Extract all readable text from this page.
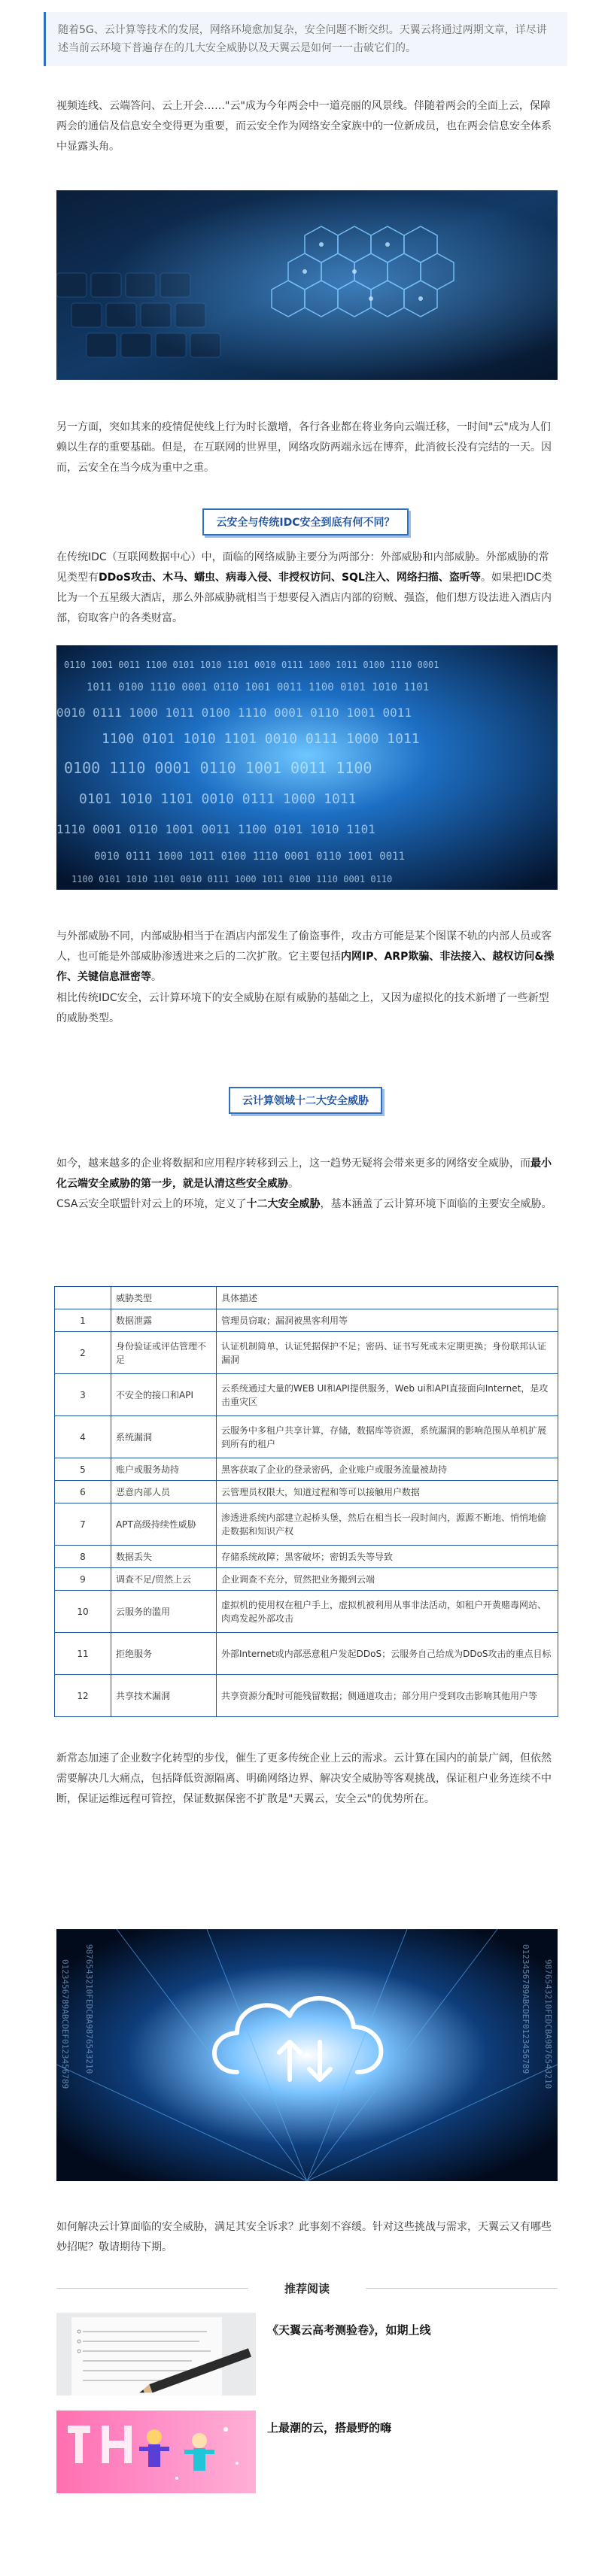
随着5G、云计算等技术的发展，网络环境愈加复杂，安全问题不断交织。天翼云将通过两期文章，详尽讲述当前云环境下普遍存在的几大安全威胁以及天翼云是如何一一击破它们的。

视频连线、云端答问、云上开会……"云"成为今年两会中一道亮丽的风景线。伴随着两会的全面上云，保障两会的通信及信息安全变得更为重要，而云安全作为网络安全家族中的一位新成员，也在两会信息安全体系中显露头角。

另一方面，突如其来的疫情促使线上行为时长激增，各行各业都在将业务向云端迁移，一时间"云"成为人们赖以生存的重要基础。但是，在互联网的世界里，网络攻防两端永远在博弈，此消彼长没有完结的一天。因而，云安全在当今成为重中之重。

云安全与传统IDC安全到底有何不同？

在传统IDC（互联网数据中心）中，面临的网络威胁主要分为两部分：外部威胁和内部威胁。外部威胁的常见类型有DDoS攻击、木马、蠕虫、病毒入侵、非授权访问、SQL注入、网络扫描、盗听等。如果把IDC类比为一个五星级大酒店，那么外部威胁就相当于想要侵入酒店内部的窃贼、强盗，他们想方设法进入酒店内部，窃取客户的各类财富。

0110 1001 0011 1100 0101 1010 1101 0010 0111 1000 1011 0100 1110 0001
1011 0100 1110 0001 0110 1001 0011 1100 0101 1010 1101
0010 0111 1000 1011 0100 1110 0001 0110 1001 0011
1100 0101 1010 1101 0010 0111 1000 1011
0100 1110 0001 0110 1001 0011 1100
0101 1010 1101 0010 0111 1000 1011
1110 0001 0110 1001 0011 1100 0101 1010 1101
0010 0111 1000 1011 0100 1110 0001 0110 1001 0011
1100 0101 1010 1101 0010 0111 1000 1011 0100 1110 0001 0110

与外部威胁不同，内部威胁相当于在酒店内部发生了偷盗事件，攻击方可能是某个图谋不轨的内部人员或客人，也可能是外部威胁渗透进来之后的二次扩散。它主要包括内网IP、ARP欺骗、非法接入、越权访问&操作、关键信息泄密等。

相比传统IDC安全，云计算环境下的安全威胁在原有威胁的基础之上，又因为虚拟化的技术新增了一些新型的威胁类型。

云计算领域十二大安全威胁

如今，越来越多的企业将数据和应用程序转移到云上，这一趋势无疑将会带来更多的网络安全威胁，而最小化云端安全威胁的第一步，就是认清这些安全威胁。

CSA云安全联盟针对云上的环境，定义了十二大安全威胁，基本涵盖了云计算环境下面临的主要安全威胁。

	威胁类型	具体描述
1	数据泄露	管理员窃取；漏洞被黑客利用等
2	身份验证或评估管理不足	认证机制简单，认证凭据保护不足；密码、证书写死或未定期更换；身份联邦认证漏洞
3	不安全的接口和API	云系统通过大量的WEB UI和API提供服务，Web ui和API直接面向Internet，是攻击重灾区
4	系统漏洞	云服务中多租户共享计算，存储，数据库等资源，系统漏洞的影响范围从单机扩展到所有的租户
5	账户或服务劫持	黑客获取了企业的登录密码，企业账户或服务流量被劫持
6	恶意内部人员	云管理员权限大，知道过程和等可以接触用户数据
7	APT高级持续性威胁	渗透进系统内部建立起桥头堡，然后在相当长一段时间内，源源不断地、悄悄地偷走数据和知识产权
8	数据丢失	存储系统故障；黑客破坏；密钥丢失等导致
9	调查不足/贸然上云	企业调查不充分，贸然把业务搬到云端
10	云服务的滥用	虚拟机的使用权在租户手上，虚拟机被利用从事非法活动，如租户开黄赌毒网站、肉鸡发起外部攻击
11	拒绝服务	外部Internet或内部恶意租户发起DDoS；云服务自己给成为DDoS攻击的重点目标
12	共享技术漏洞	共享资源分配时可能残留数据；侧通道攻击；部分用户受到攻击影响其他用户等

新常态加速了企业数字化转型的步伐，催生了更多传统企业上云的需求。云计算在国内的前景广阔，但依然需要解决几大痛点，包括降低资源隔离、明确网络边界、解决安全威胁等客观挑战，保证租户业务连续不中断，保证运维远程可管控，保证数据保密不扩散是"天翼云，安全云"的优势所在。

0123456789ABCDEF0123456789 9876543210FEDCBA9876543210	0123456789ABCDEF0123456789 9876543210FEDCBA9876543210

如何解决云计算面临的安全威胁，满足其安全诉求？此事刻不容缓。针对这些挑战与需求，天翼云又有哪些妙招呢？敬请期待下期。

推荐阅读
《天翼云高考测验卷》，如期上线
上最潮的云，搭最野的嗨
